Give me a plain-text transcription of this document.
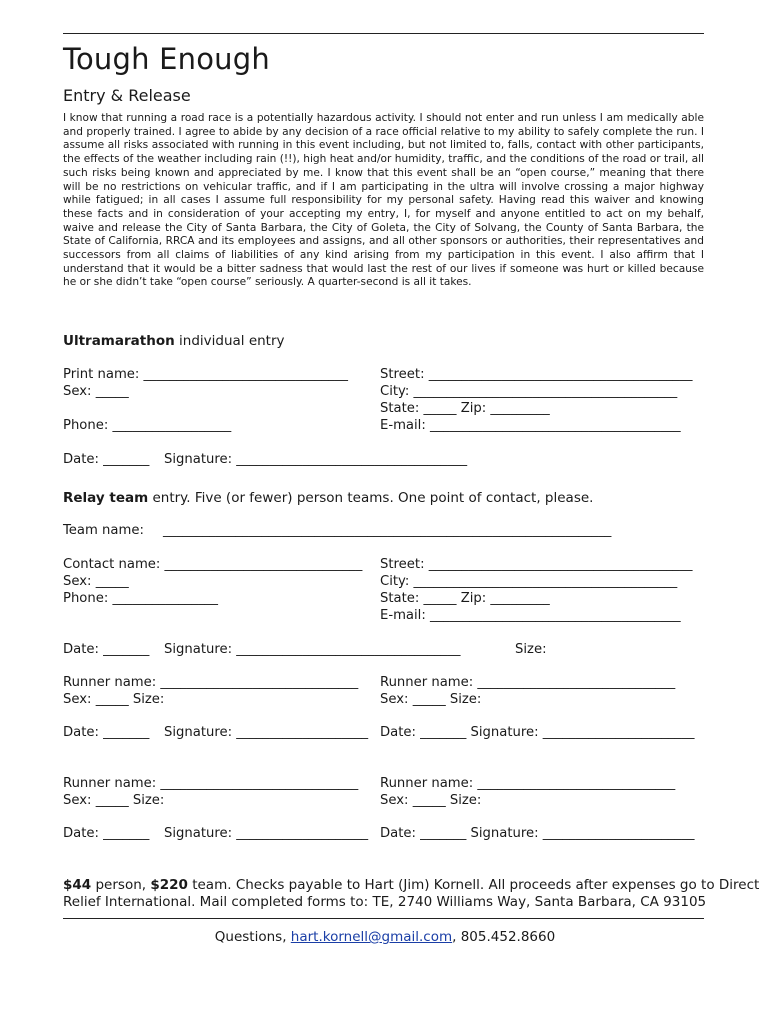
Tough Enough
Entry & Release

I know that running a road race is a potentially hazardous activity. I should not enter and run unless I am medically able and properly trained. I agree to abide by any decision of a race official relative to my ability to safely complete the run. I assume all risks associated with running in this event including, but not limited to, falls, contact with other participants, the effects of the weather including rain (!!), high heat and/or humidity, traffic, and the conditions of the road or trail, all such risks being known and appreciated by me. I know that this event shall be an “open course,” meaning that there will be no restrictions on vehicular traffic, and if I am participating in the ultra will involve crossing a major highway while fatigued; in all cases I assume full responsibility for my personal safety. Having read this waiver and knowing these facts and in consideration of your accepting my entry, I, for myself and anyone entitled to act on my behalf, waive and release the City of Santa Barbara, the City of Goleta, the City of Solvang, the County of Santa Barbara, the State of California, RRCA and its employees and assigns, and all other sponsors or authorities, their representatives and successors from all claims of liabilities of any kind arising from my participation in this event. I also affirm that I understand that it would be a bitter sadness that would last the rest of our lives if someone was hurt or killed because he or she didn’t take “open course” seriously. A quarter-second is all it takes.

Ultramarathon individual entry
Print name: _______________________________
Sex: _____
Phone: __________________
Street: ________________________________________
City: ________________________________________
State: _____ Zip: _________
E-mail: ______________________________________
Date: _______ Signature: ___________________________________
Relay team entry. Five (or fewer) person teams. One point of contact, please.
Team name: ____________________________________________________________________
Contact name: ______________________________
Sex: _____
Phone: ________________
Street: ________________________________________
City: ________________________________________
State: _____ Zip: _________
E-mail: ______________________________________
Date: _______ Signature: __________________________________	Size:
Runner name: ______________________________
Sex: _____ Size:
Runner name: ______________________________
Sex: _____ Size:
Date: _______ Signature: ____________________ Date: _______ Signature: _______________________
Runner name: ______________________________
Sex: _____ Size:
Runner name: ______________________________
Sex: _____ Size:
Date: _______ Signature: ____________________ Date: _______ Signature: _______________________
$44 person, $220 team. Checks payable to Hart (Jim) Kornell. All proceeds after expenses go to Direct
Relief International. Mail completed forms to: TE, 2740 Williams Way, Santa Barbara, CA 93105
Questions, hart.kornell@gmail.com, 805.452.8660
